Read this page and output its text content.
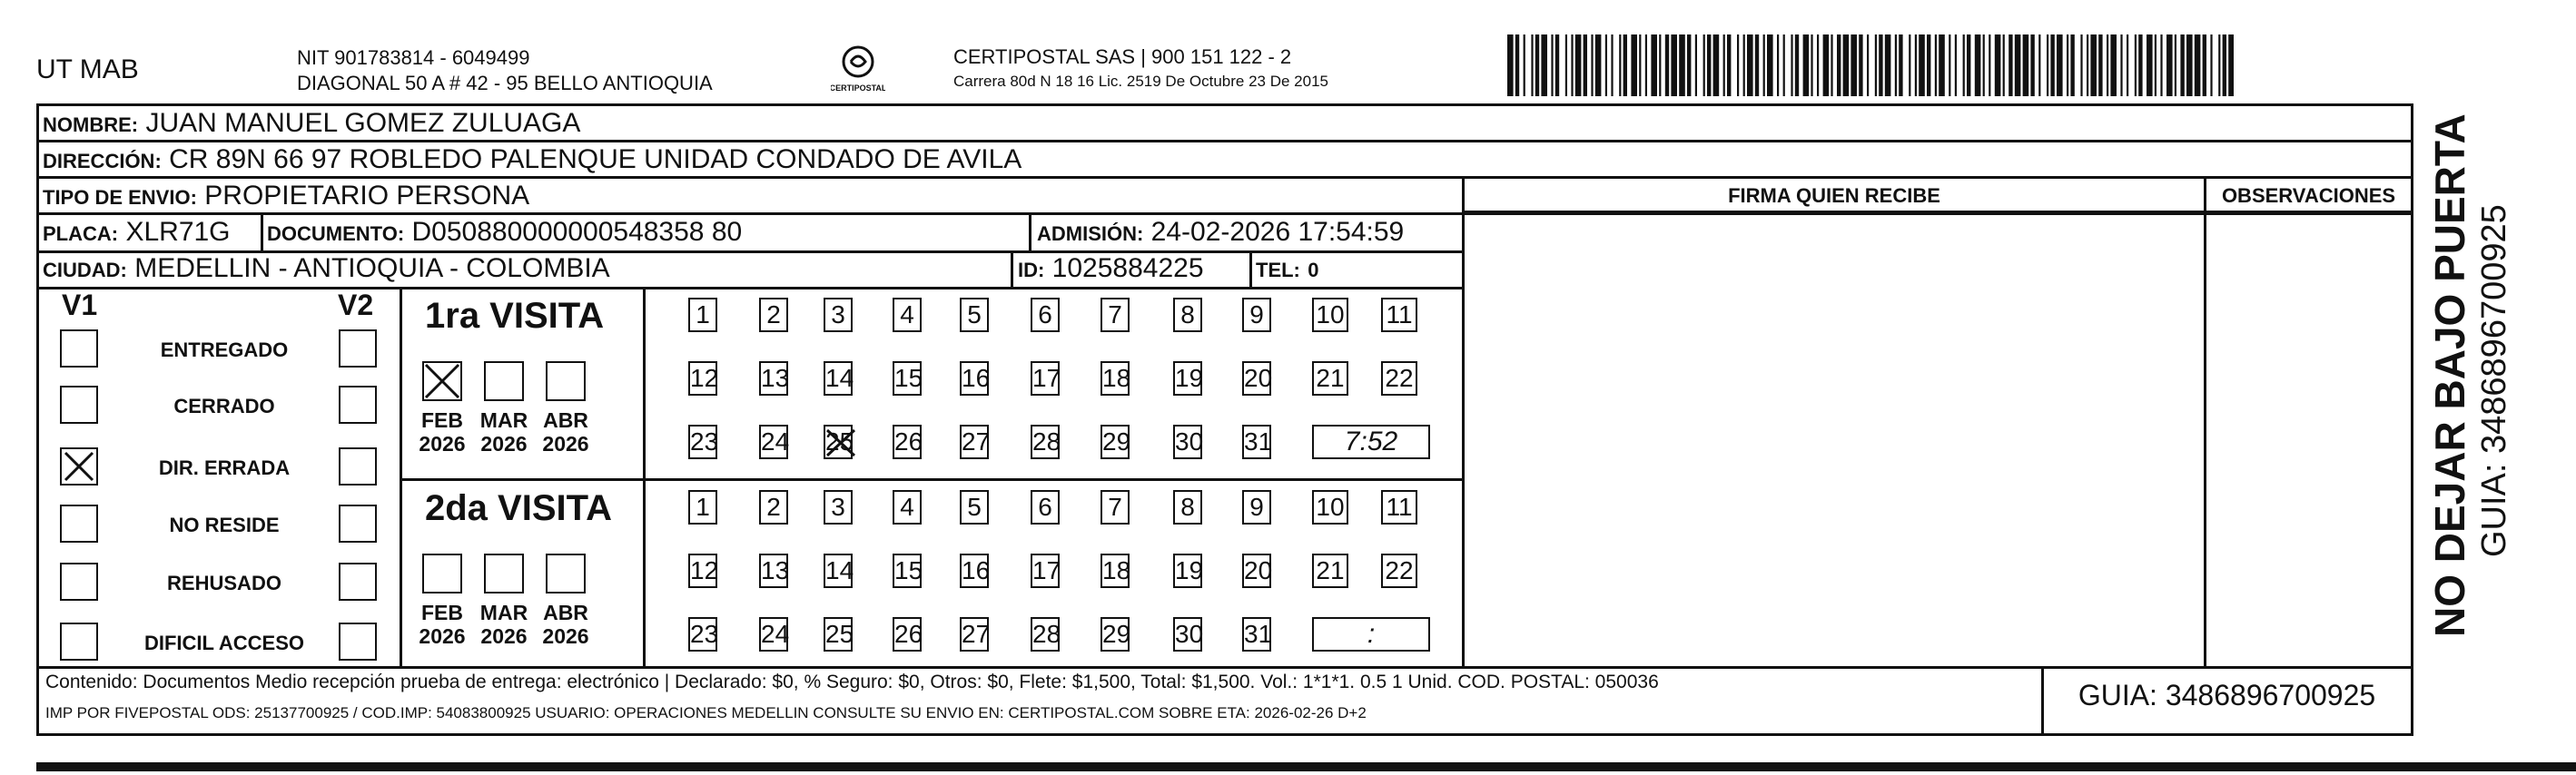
UT MAB	NIT 901783814 - 6049499
DIAGONAL 50 A # 42 - 95 BELLO ANTIOQUIA	CERTIPOSTAL
CERTIPOSTAL SAS | 900 151 122 - 2
Carrera 80d N 18 16 Lic. 2519 De Octubre 23 De 2015
NOMBRE: JUAN MANUEL GOMEZ ZULUAGA
DIRECCIÓN: CR 89N 66 97 ROBLEDO PALENQUE UNIDAD CONDADO DE AVILA
TIPO DE ENVIO: PROPIETARIO PERSONA
PLACA: XLR71G DOCUMENTO: D050880000000548358 80	ADMISIÓN: 24-02-2026 17:54:59
CIUDAD: MEDELLIN - ANTIOQUIA - COLOMBIA	ID: 1025884225	TEL: 0
FIRMA QUIEN RECIBE	OBSERVACIONES
V1	V2
ENTREGADO
CERRADO
DIR. ERRADA
NO RESIDE
REHUSADO
DIFICIL ACCESO
1ra VISITA
FEB
2026
MAR
2026
ABR
2026
1 2 3 4 5 6 7 8 9 10 11
12 13 14 15 16 17 18 19 20 21 22
23 24 25 26 27 28 29 30 31	7:52
2da VISITA
FEB
2026
MAR
2026
ABR
2026
1 2 3 4 5 6 7 8 9 10 11
12 13 14 15 16 17 18 19 20 21 22
23 24 25 26 27 28 29 30 31	:
Contenido: Documentos Medio recepción prueba de entrega: electrónico | Declarado: $0, % Seguro: $0, Otros: $0, Flete: $1,500, Total: $1,500. Vol.: 1*1*1. 0.5 1 Unid. COD. POSTAL: 050036
IMP POR FIVEPOSTAL ODS: 25137700925 / COD.IMP: 54083800925 USUARIO: OPERACIONES MEDELLIN CONSULTE SU ENVIO EN: CERTIPOSTAL.COM SOBRE ETA: 2026-02-26 D+2
GUIA: 3486896700925
NO DEJAR BAJO PUERTA GUIA: 3486896700925
